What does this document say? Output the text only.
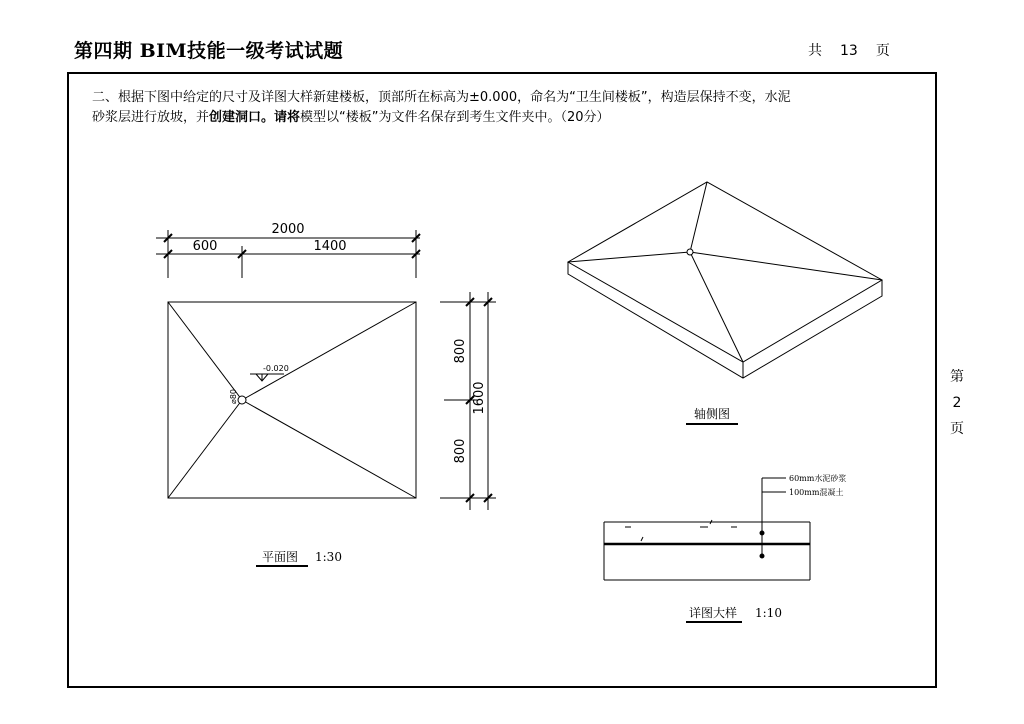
第四期 BIM技能一级考试试题	共 13 页
二、根据下图中给定的尺寸及详图大样新建楼板，顶部所在标高为±0.000，命名为“卫生间楼板”，构造层保持不变，水泥
砂浆层进行放坡，并创建洞口。请将模型以“楼板”为文件名保存到考生文件夹中。（20分）
第
2
页
2000
600	1400
800
800
1600
-0.020
⌀80
平面图 1:30
轴侧图
60mm水泥砂浆
100mm混凝土
详图大样 1:10
